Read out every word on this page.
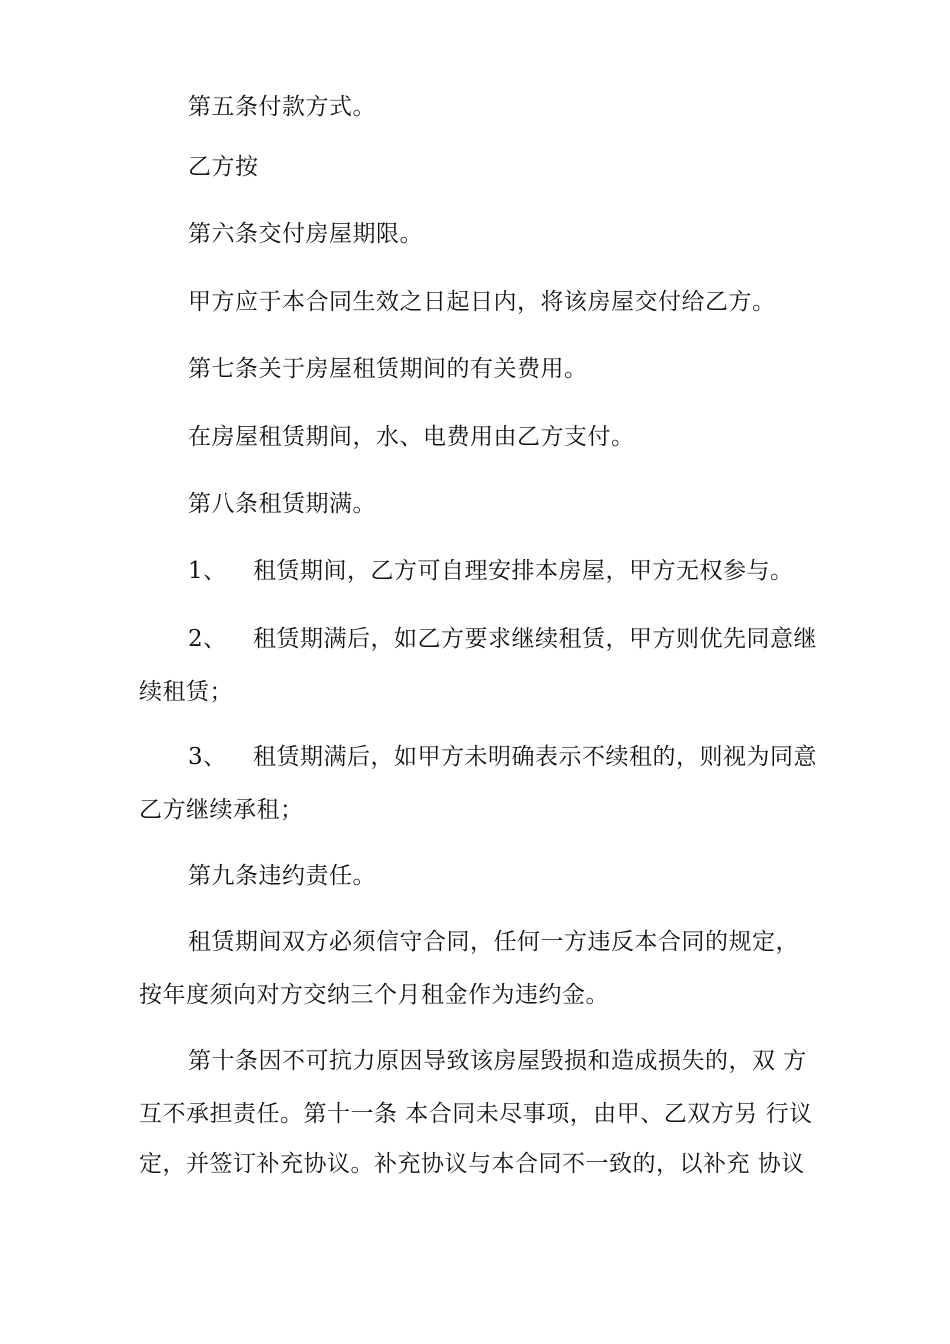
第五条付款方式。
乙方按
第六条交付房屋期限。
甲方应于本合同生效之日起日内，将该房屋交付给乙方。
第七条关于房屋租赁期间的有关费用。
在房屋租赁期间，水、电费用由乙方支付。
第八条租赁期满。
1、 租赁期间，乙方可自理安排本房屋，甲方无权参与。
2、 租赁期满后，如乙方要求继续租赁，甲方则优先同意继
续租赁；
3、 租赁期满后，如甲方未明确表示不续租的，则视为同意
乙方继续承租；
第九条违约责任。
租赁期间双方必须信守合同，任何一方违反本合同的规定，
按年度须向对方交纳三个月租金作为违约金。
第十条因不可抗力原因导致该房屋毁损和造成损失的，双 方
互不承担责任。第十一条 本合同未尽事项，由甲、乙双方另 行议
定，并签订补充协议。补充协议与本合同不一致的，以补充 协议
